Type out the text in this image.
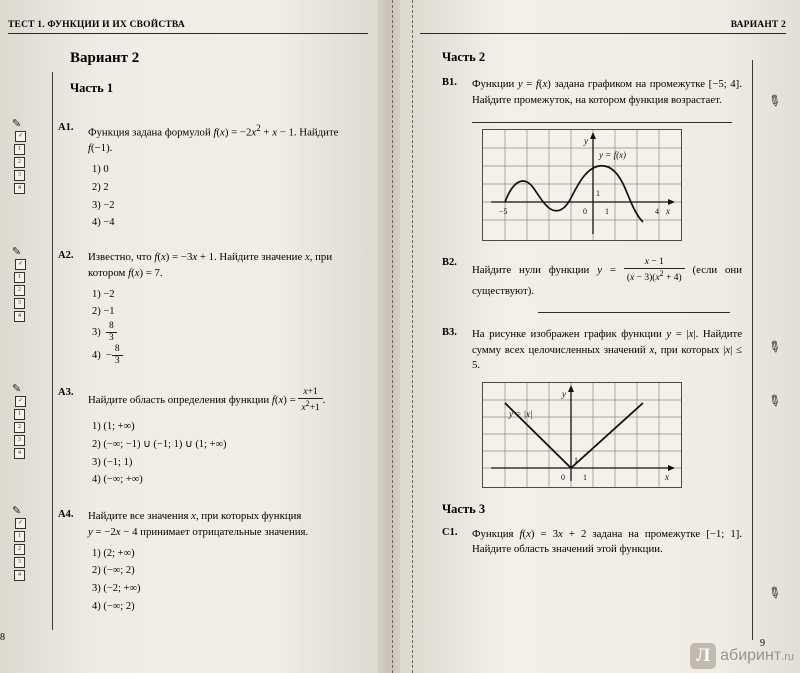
ТЕСТ 1. ФУНКЦИИ И ИХ СВОЙСТВА
Вариант 2
Часть 1
✎✓
1
2
3
4
А1.	Функция задана формулой $f(x) = -2x^2 + x - 1$. Найдите
f(−1).
1) 0
2) 2
3) −2
4) −4
✎✓
1
2
3
4
А2.	Известно, что f(x) = −3x + 1. Найдите значение x, при
котором f(x) = 7.
1) −2
2) −1
$3) \frac{8}{3}$
$4) - \frac{8}{3}$
✎✓
1
2
3
4
А3.
Найдите область определения функции $f(x) = \frac{x+1}{x^2+1}$ .
1) (1; +∞)
2) (−∞; −1) ∪ (−1; 1) ∪ (1; +∞)
3) (−1; 1)
4) (−∞; +∞)
✎✓
1
2
3
4
А4.	Найдите все значения x, при которых функция
y = −2x − 4 принимает отрицательные значения.
1) (2; +∞)
2) (−∞; 2)
3) (−2; +∞)
4) (−∞; 2)
8
ВАРИАНТ 2
Часть 2
В1.	Функции y = f(x) задана графиком на промежутке [−5; 4]. Найдите промежуток, на котором функция возрастает.	✎
y = f(x)
1
−5	0 1	4 x
y
В2.
Найдите нули функции $y = \frac{x - 1}{(x - 3)(x^2 + 4)}$ (если они существуют).
✎
В3.	На рисунке изображен график функции y = |x|. Найдите сумму всех целочисленных значений x, при которых |x| ≤ 5.
✎
y = |x|
1
0 1	x
y
Часть 3
С1.	Функция f(x) = 3x + 2 задана на промежутке [−1; 1]. Найдите область значений этой функции.
✎
9
Л абиринт.ru
